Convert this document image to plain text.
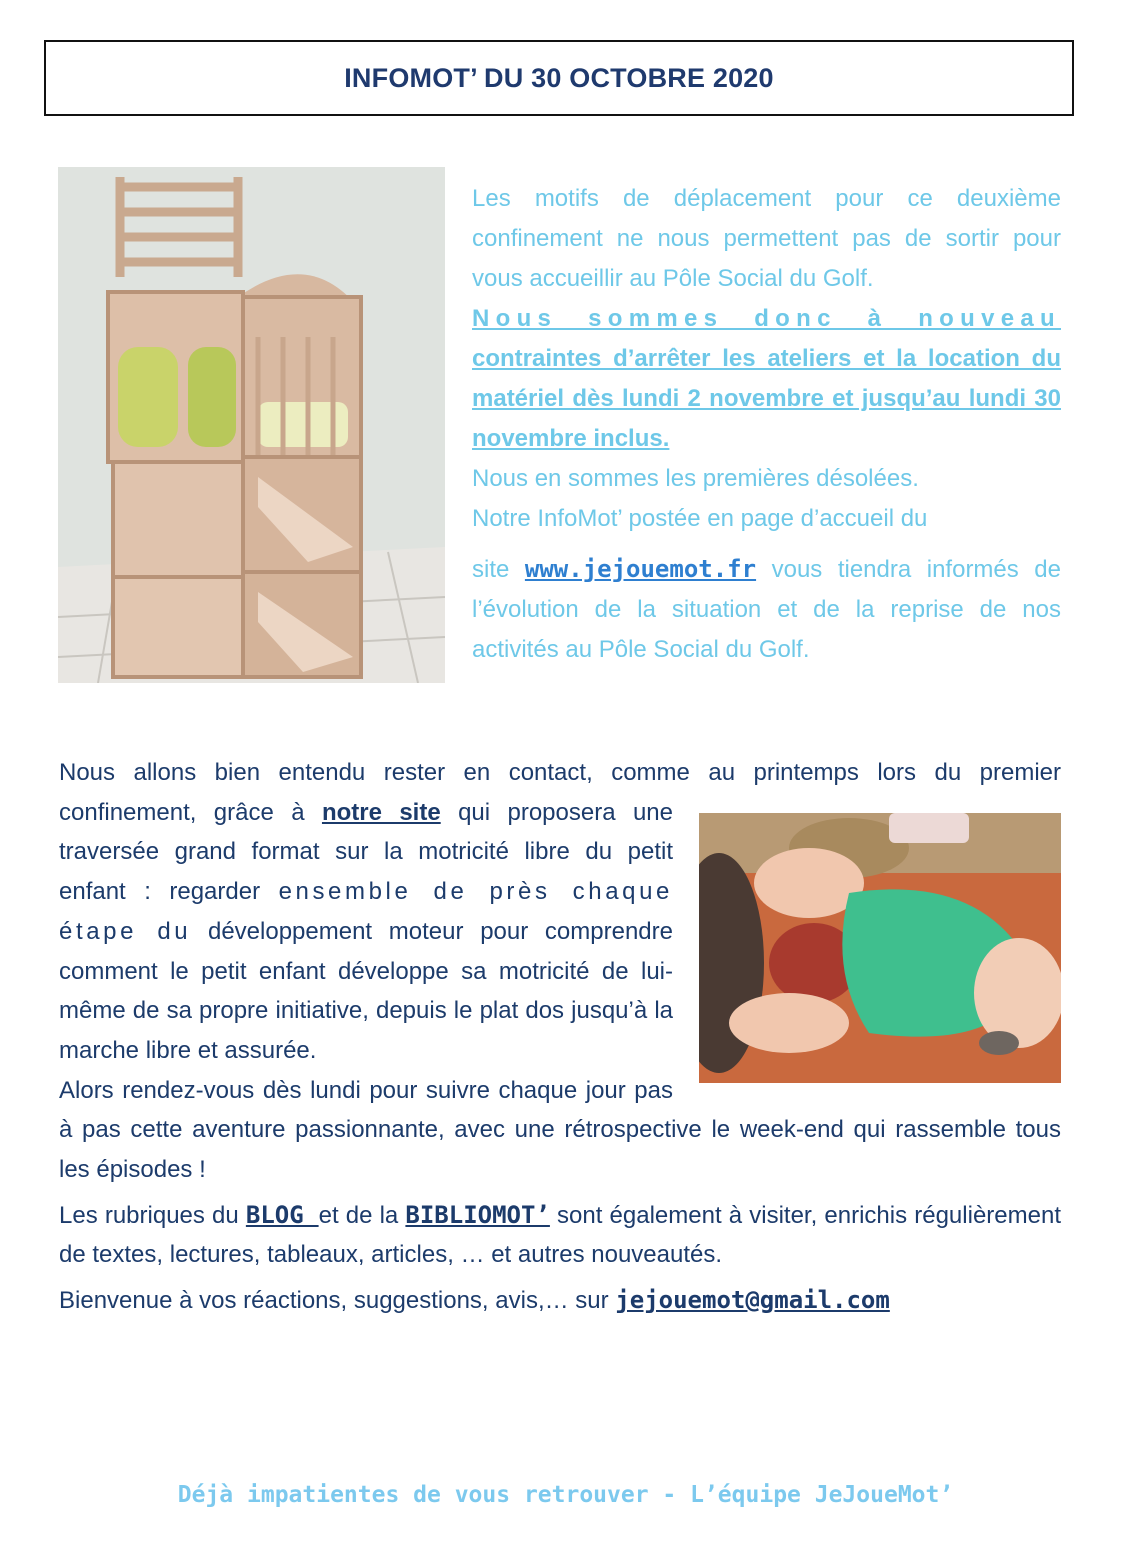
INFOMOT’ DU 30 OCTOBRE 2020

Les motifs de déplacement pour ce deuxième confinement ne nous permettent pas de sortir pour vous accueillir au Pôle Social du Golf.

Nous sommes donc à nouveau contraintes d’arrêter les ateliers et la location du matériel dès lundi 2 novembre et jusqu’au lundi 30 novembre inclus.

Nous en sommes les premières désolées.

Notre InfoMot’ postée en page d’accueil du

site www.jejouemot.fr vous tiendra informés de l’évolution de la situation et de la reprise de nos activités au Pôle Social du Golf.

Nous allons bien entendu rester en contact, comme au printemps lors du premier confinement, grâce à notre site
qui proposera une traversée grand format sur la motricité libre du petit enfant : regarder ensemble de près chaque étape du développement moteur pour comprendre comment le petit enfant développe sa motricité de lui-même de sa propre initiative, depuis le plat dos jusqu’à la marche libre et assurée.

Alors rendez-vous dès lundi pour suivre chaque jour pas à pas cette aventure passionnante, avec une rétrospective le week-end qui rassemble tous les épisodes !

Les rubriques du BLOG et de la BIBLIOMOT’ sont également à visiter, enrichis régulièrement de textes, lectures, tableaux, articles, … et autres nouveautés.

Bienvenue à vos réactions, suggestions, avis,… sur jejouemot@gmail.com

Déjà impatientes de vous retrouver - L’équipe JeJoueMot’
